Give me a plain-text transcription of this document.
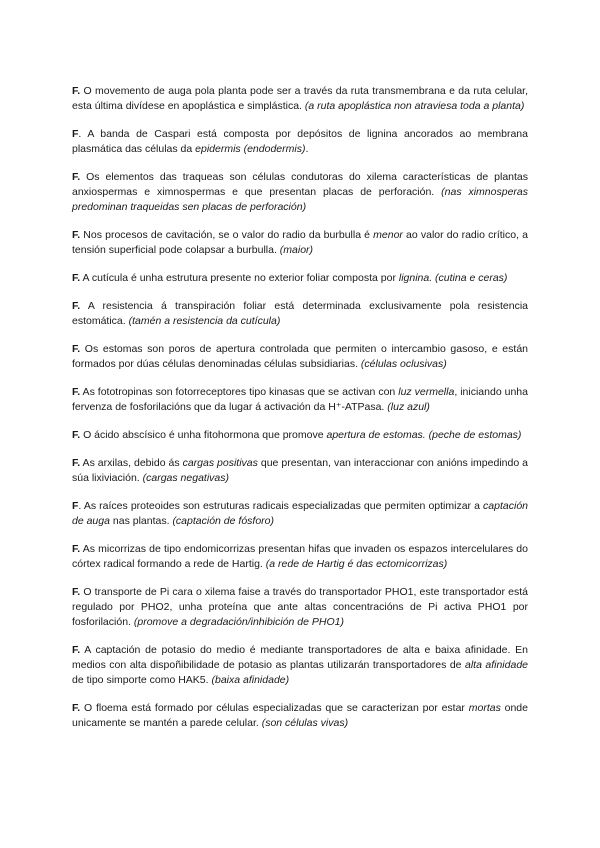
F. O movemento de auga pola planta pode ser a través da ruta transmembrana e da ruta celular, esta última divídese en apoplástica e simplástica. (a ruta apoplástica non atraviesa toda a planta)

F. A banda de Caspari está composta por depósitos de lignina ancorados ao membrana plasmática das células da epidermis (endodermis).

F. Os elementos das traqueas son células condutoras do xilema características de plantas anxiospermas e ximnospermas e que presentan placas de perforación. (nas ximnosperas predominan traqueidas sen placas de perforación)

F. Nos procesos de cavitación, se o valor do radio da burbulla é menor ao valor do radio crítico, a tensión superficial pode colapsar a burbulla. (maior)

F. A cutícula é unha estrutura presente no exterior foliar composta por lignina. (cutina e ceras)

F. A resistencia á transpiración foliar está determinada exclusivamente pola resistencia estomática. (tamén a resistencia da cutícula)

F. Os estomas son poros de apertura controlada que permiten o intercambio gasoso, e están formados por dúas células denominadas células subsidiarias. (células oclusivas)

F. As fototropinas son fotorreceptores tipo kinasas que se activan con luz vermella, iniciando unha fervenza de fosforilacións que da lugar á activación da H⁺-ATPasa. (luz azul)

F. O ácido abscísico é unha fitohormona que promove apertura de estomas. (peche de estomas)

F. As arxilas, debido ás cargas positivas que presentan, van interaccionar con anións impedindo a súa lixiviación. (cargas negativas)

F. As raíces proteoides son estruturas radicais especializadas que permiten optimizar a captación de auga nas plantas. (captación de fósforo)

F. As micorrizas de tipo endomicorrizas presentan hifas que invaden os espazos intercelulares do córtex radical formando a rede de Hartig. (a rede de Hartig é das ectomicorrizas)

F. O transporte de Pi cara o xilema faise a través do transportador PHO1, este transportador está regulado por PHO2, unha proteína que ante altas concentracións de Pi activa PHO1 por fosforilación. (promove a degradación/inhibición de PHO1)

F. A captación de potasio do medio é mediante transportadores de alta e baixa afinidade. En medios con alta dispoñibilidade de potasio as plantas utilizarán transportadores de alta afinidade de tipo simporte como HAK5. (baixa afinidade)

F. O floema está formado por células especializadas que se caracterizan por estar mortas onde unicamente se mantén a parede celular. (son células vivas)
